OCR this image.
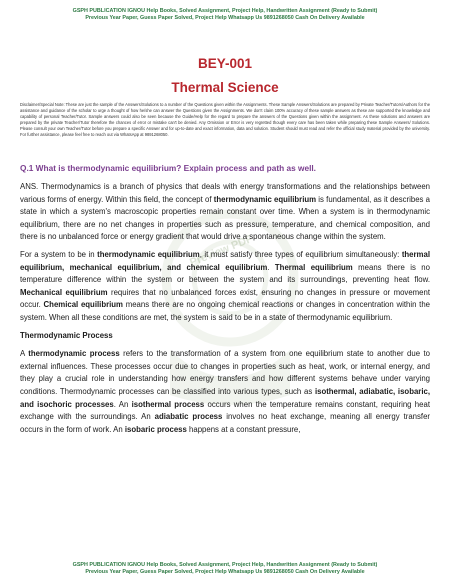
GSPH PUBLICATION IGNOU Help Books, Solved Assignment, Project Help, Handwritten Assignment (Ready to Submit)
Previous Year Paper, Guess Paper Solved, Project Help Whatsapp Us 9891268050 Cash On Delivery Available
BEY-001
Thermal Science
Disclaimer/Special Note: These are just the sample of the Answers/Solutions to a number of the Questions given within the Assignments. These Sample Answers/Solutions are prepared by Private Teacher/Tutors/Authors for the assistance and guidance of the scholar to urge a thought of how he/she can answer the Questions given the Assignments. We don't claim 100% accuracy of these sample answers as these are supported the knowledge and capability of personal Teacher/Tutor. Sample answers could also be seen because the Guide/Help for the regard to prepare the answers of the Questions given within the assignment. As these solutions and answers are prepared by the private Teacher/Tutor therefore the chances of error or mistake can't be denied. Any Omission or Error is very regretted though every care has been taken while preparing these Sample Answers/ Solutions. Please consult your own Teacher/Tutor before you prepare a specific Answer and for up-to-date and exact information, data and solution. Student should must read and refer the official study material provided by the university. For further assistance, please feel free to reach out via WhatsApp at 9891268050.
Q.1 What is thermodynamic equilibrium? Explain process and path as well.
Preview PDF

ANS. Thermodynamics is a branch of physics that deals with energy transformations and the relationships between various forms of energy. Within this field, the concept of thermodynamic equilibrium is fundamental, as it describes a state in which a system's macroscopic properties remain constant over time. When a system is in thermodynamic equilibrium, there are no net changes in properties such as pressure, temperature, and chemical composition, and there is no unbalanced force or energy gradient that would drive a spontaneous change within the system.

For a system to be in thermodynamic equilibrium, it must satisfy three types of equilibrium simultaneously: thermal equilibrium, mechanical equilibrium, and chemical equilibrium. Thermal equilibrium means there is no temperature difference within the system or between the system and its surroundings, preventing heat flow. Mechanical equilibrium requires that no unbalanced forces exist, ensuring no changes in pressure or movement occur. Chemical equilibrium means there are no ongoing chemical reactions or changes in concentration within the system. When all these conditions are met, the system is said to be in a state of thermodynamic equilibrium.

Thermodynamic Process

A thermodynamic process refers to the transformation of a system from one equilibrium state to another due to external influences. These processes occur due to changes in properties such as heat, work, or internal energy, and they play a crucial role in understanding how energy transfers and how different systems behave under varying conditions. Thermodynamic processes can be classified into various types, such as isothermal, adiabatic, isobaric, and isochoric processes. An isothermal process occurs when the temperature remains constant, requiring heat exchange with the surroundings. An adiabatic process involves no heat exchange, meaning all energy transfer occurs in the form of work. An isobaric process happens at a constant pressure,

GSPH PUBLICATION IGNOU Help Books, Solved Assignment, Project Help, Handwritten Assignment (Ready to Submit)
Previous Year Paper, Guess Paper Solved, Project Help Whatsapp Us 9891268050 Cash On Delivery Available
